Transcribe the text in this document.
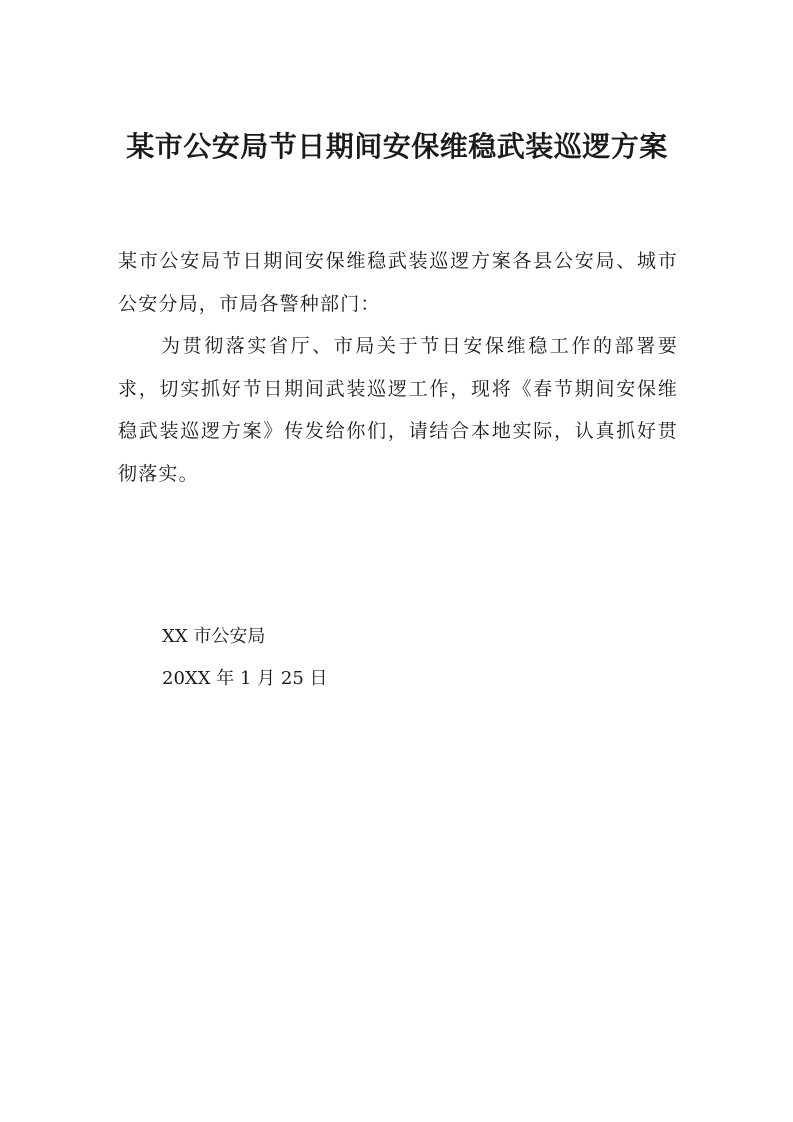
某市公安局节日期间安保维稳武装巡逻方案

某市公安局节日期间安保维稳武装巡逻方案各县公安局、城市公安分局，市局各警种部门：

为贯彻落实省厅、市局关于节日安保维稳工作的部署要求，切实抓好节日期间武装巡逻工作，现将《春节期间安保维稳武装巡逻方案》传发给你们，请结合本地实际，认真抓好贯彻落实。

XX 市公安局
20XX 年 1 月 25 日
